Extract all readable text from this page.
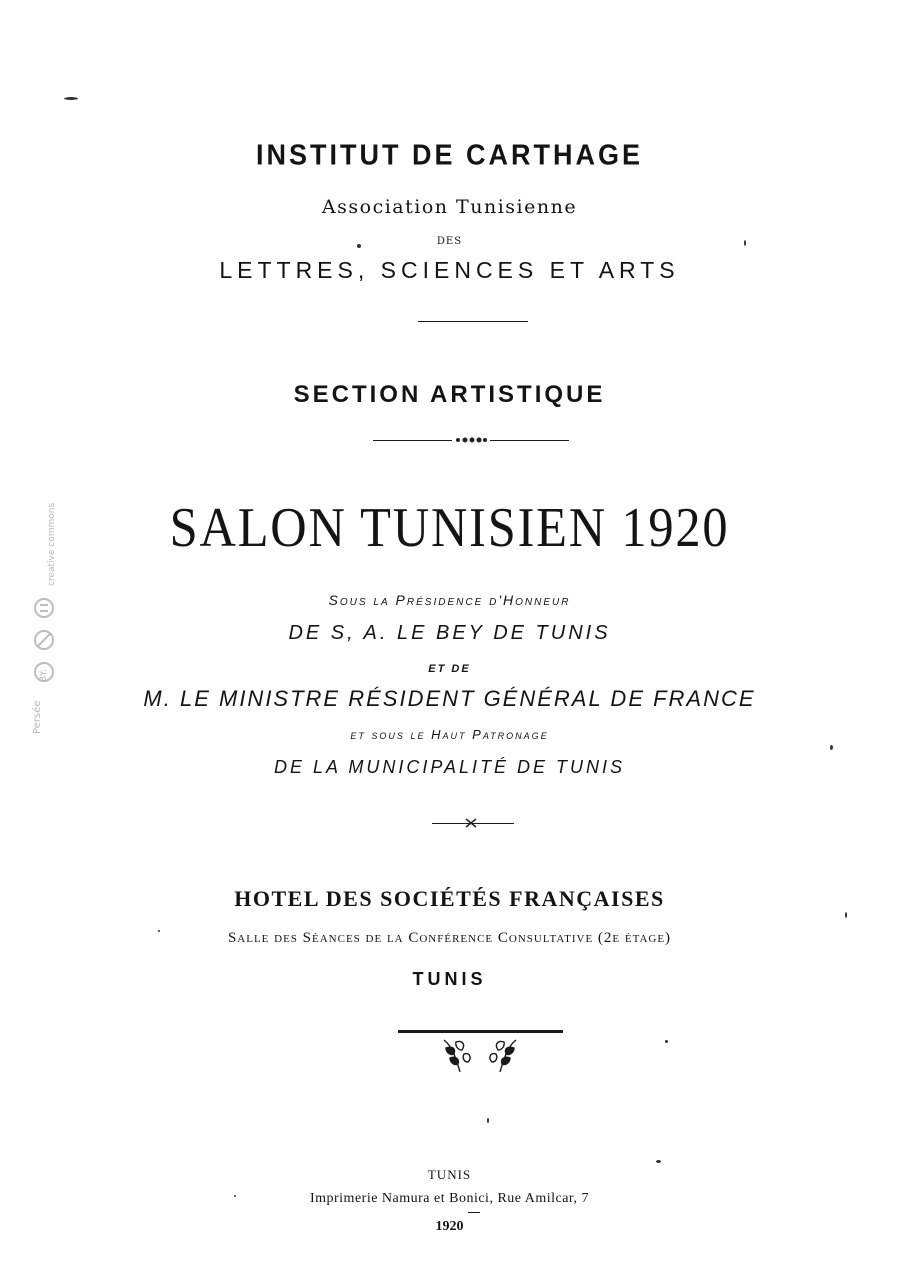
creative commons
BY:
Persée
INSTITUT DE CARTHAGE
Association Tunisienne
DES
LETTRES, SCIENCES ET ARTS
SECTION ARTISTIQUE
SALON TUNISIEN 1920
Sous la Présidence d'Honneur
DE S, A. LE BEY DE TUNIS
ET DE
M. LE MINISTRE RÉSIDENT GÉNÉRAL DE FRANCE
et sous le Haut Patronage
DE LA MUNICIPALITÉ DE TUNIS
HOTEL DES SOCIÉTÉS FRANÇAISES
Salle des Séances de la Conférence Consultative (2e étage)
TUNIS
TUNIS
Imprimerie Namura et Bonici, Rue Amilcar, 7
1920
